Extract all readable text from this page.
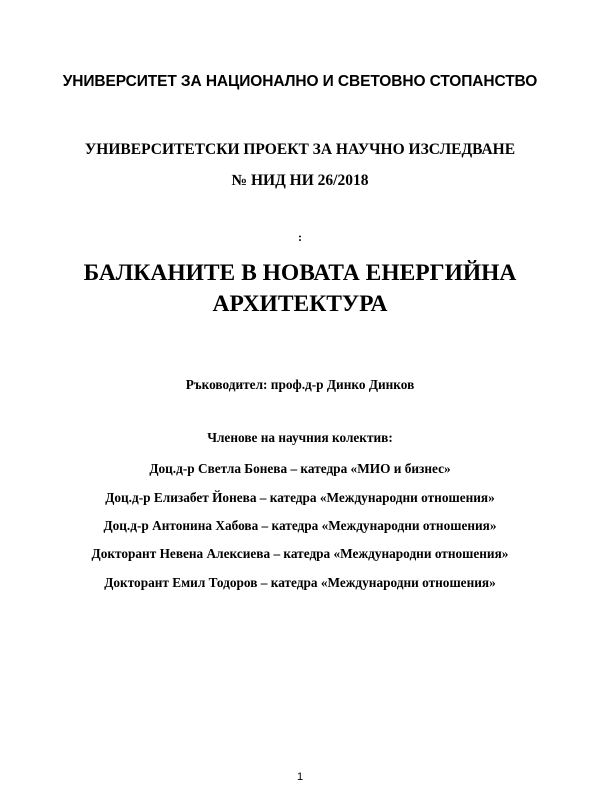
УНИВЕРСИТЕТ ЗА НАЦИОНАЛНО И СВЕТОВНО СТОПАНСТВО
УНИВЕРСИТЕТСКИ ПРОЕКТ ЗА НАУЧНО ИЗСЛЕДВАНЕ
№ НИД НИ 26/2018
:
БАЛКАНИТЕ В НОВАТА ЕНЕРГИЙНА
АРХИТЕКТУРА
Ръководител: проф.д-р Динко Динков
Членове на научния колектив:
Доц.д-р Светла Бонева – катедра «МИО и бизнес»
Доц.д-р Елизабет Йонева – катедра «Международни отношения»
Доц.д-р Антонина Хабова – катедра «Международни отношения»
Докторант Невена Алексиева – катедра «Международни отношения»
Докторант Емил Тодоров – катедра «Международни отношения»
1
